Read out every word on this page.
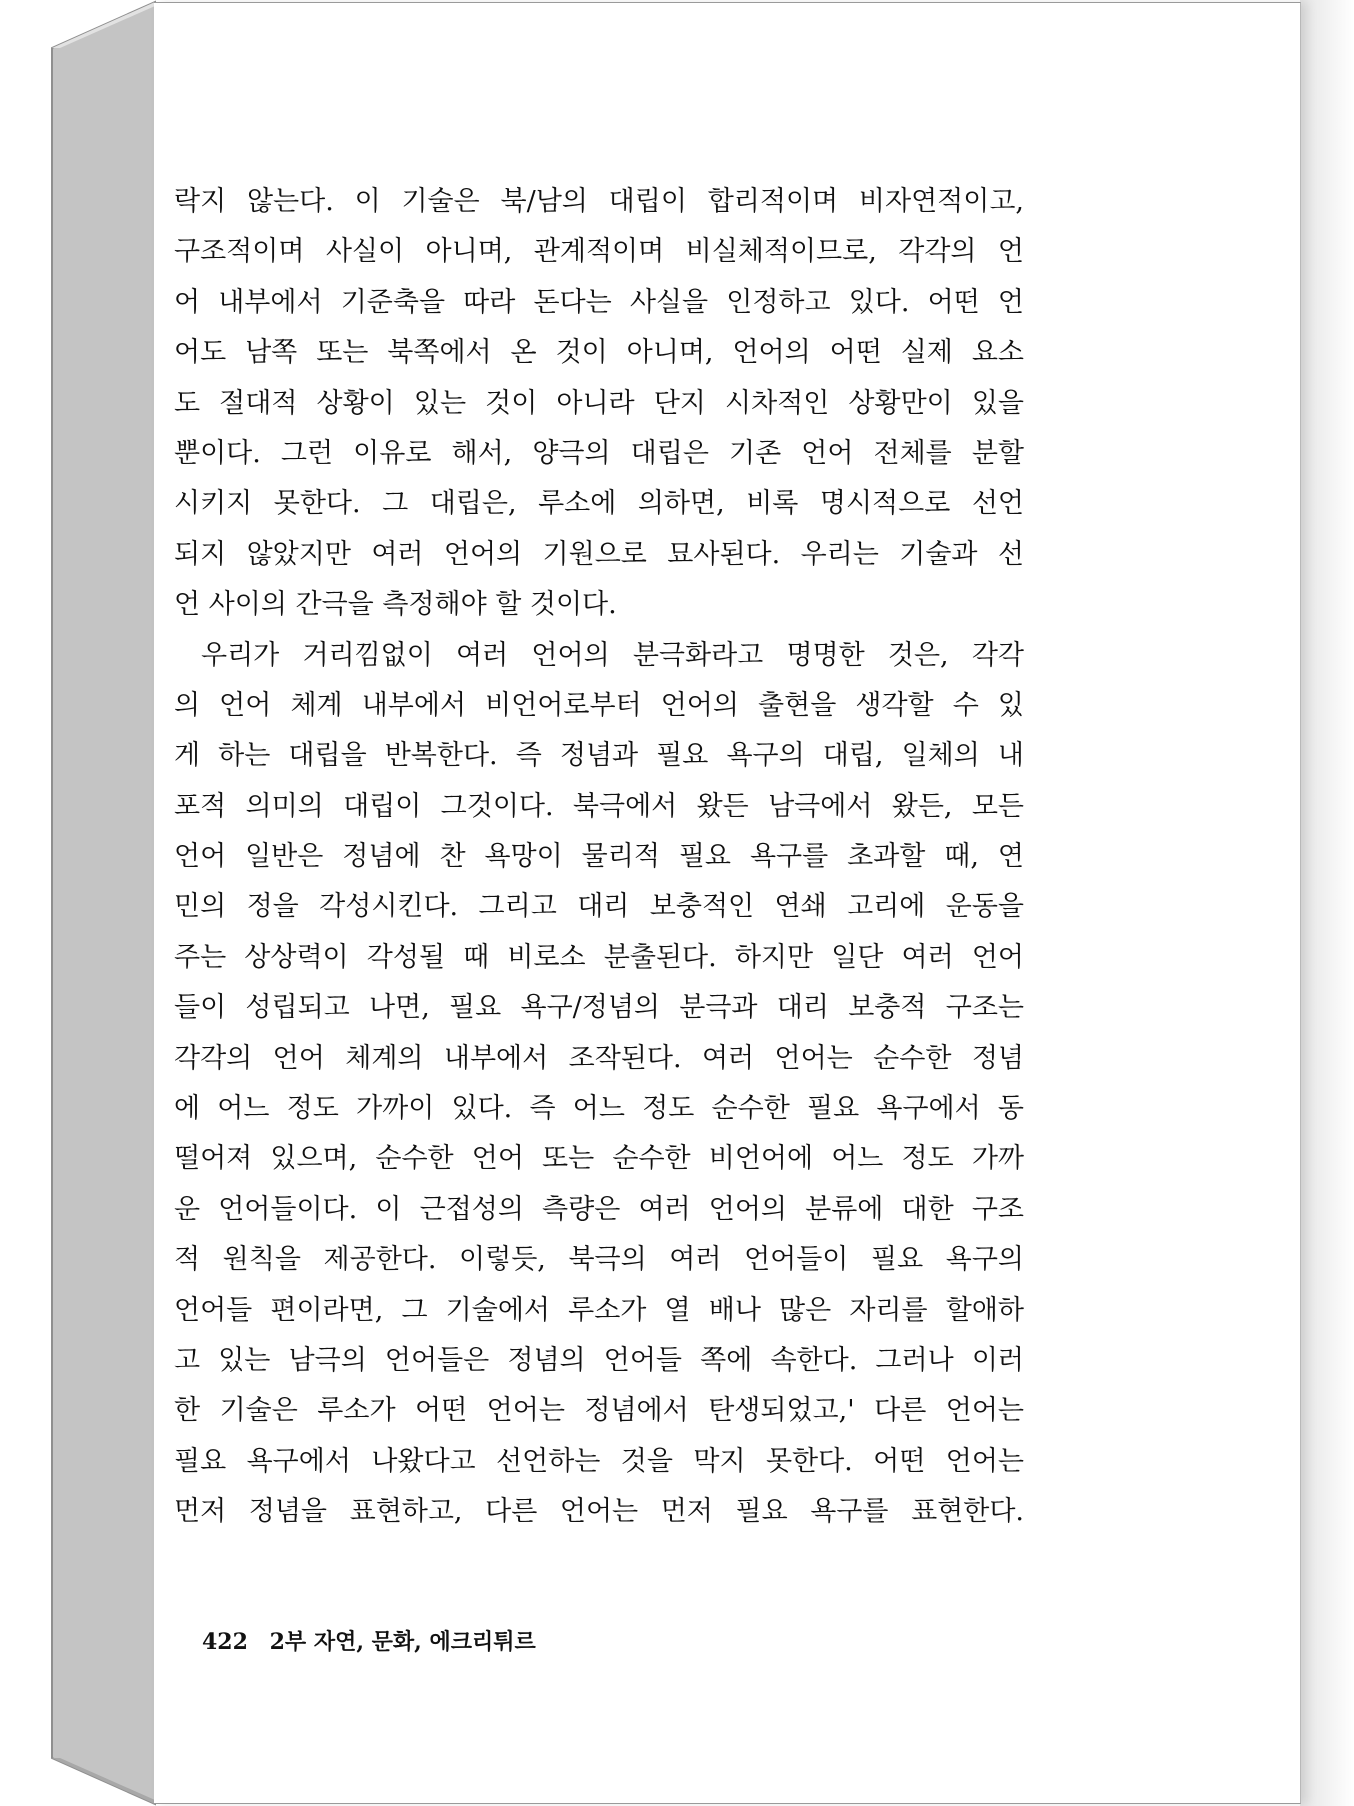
락지 않는다. 이 기술은 북/남의 대립이 합리적이며 비자연적이고,
구조적이며 사실이 아니며, 관계적이며 비실체적이므로, 각각의 언
어 내부에서 기준축을 따라 돈다는 사실을 인정하고 있다. 어떤 언
어도 남쪽 또는 북쪽에서 온 것이 아니며, 언어의 어떤 실제 요소
도 절대적 상황이 있는 것이 아니라 단지 시차적인 상황만이 있을
뿐이다. 그런 이유로 해서, 양극의 대립은 기존 언어 전체를 분할
시키지 못한다. 그 대립은, 루소에 의하면, 비록 명시적으로 선언
되지 않았지만 여러 언어의 기원으로 묘사된다. 우리는 기술과 선
언 사이의 간극을 측정해야 할 것이다.
우리가 거리낌없이 여러 언어의 분극화라고 명명한 것은, 각각
의 언어 체계 내부에서 비언어로부터 언어의 출현을 생각할 수 있
게 하는 대립을 반복한다. 즉 정념과 필요 욕구의 대립, 일체의 내
포적 의미의 대립이 그것이다. 북극에서 왔든 남극에서 왔든, 모든
언어 일반은 정념에 찬 욕망이 물리적 필요 욕구를 초과할 때, 연
민의 정을 각성시킨다. 그리고 대리 보충적인 연쇄 고리에 운동을
주는 상상력이 각성될 때 비로소 분출된다. 하지만 일단 여러 언어
들이 성립되고 나면, 필요 욕구/정념의 분극과 대리 보충적 구조는
각각의 언어 체계의 내부에서 조작된다. 여러 언어는 순수한 정념
에 어느 정도 가까이 있다. 즉 어느 정도 순수한 필요 욕구에서 동
떨어져 있으며, 순수한 언어 또는 순수한 비언어에 어느 정도 가까
운 언어들이다. 이 근접성의 측량은 여러 언어의 분류에 대한 구조
적 원칙을 제공한다. 이렇듯, 북극의 여러 언어들이 필요 욕구의
언어들 편이라면, 그 기술에서 루소가 열 배나 많은 자리를 할애하
고 있는 남극의 언어들은 정념의 언어들 쪽에 속한다. 그러나 이러
한 기술은 루소가 어떤 언어는 정념에서 탄생되었고,' 다른 언어는
필요 욕구에서 나왔다고 선언하는 것을 막지 못한다. 어떤 언어는
먼저 정념을 표현하고, 다른 언어는 먼저 필요 욕구를 표현한다.
422 2부 자연, 문화, 에크리튀르
